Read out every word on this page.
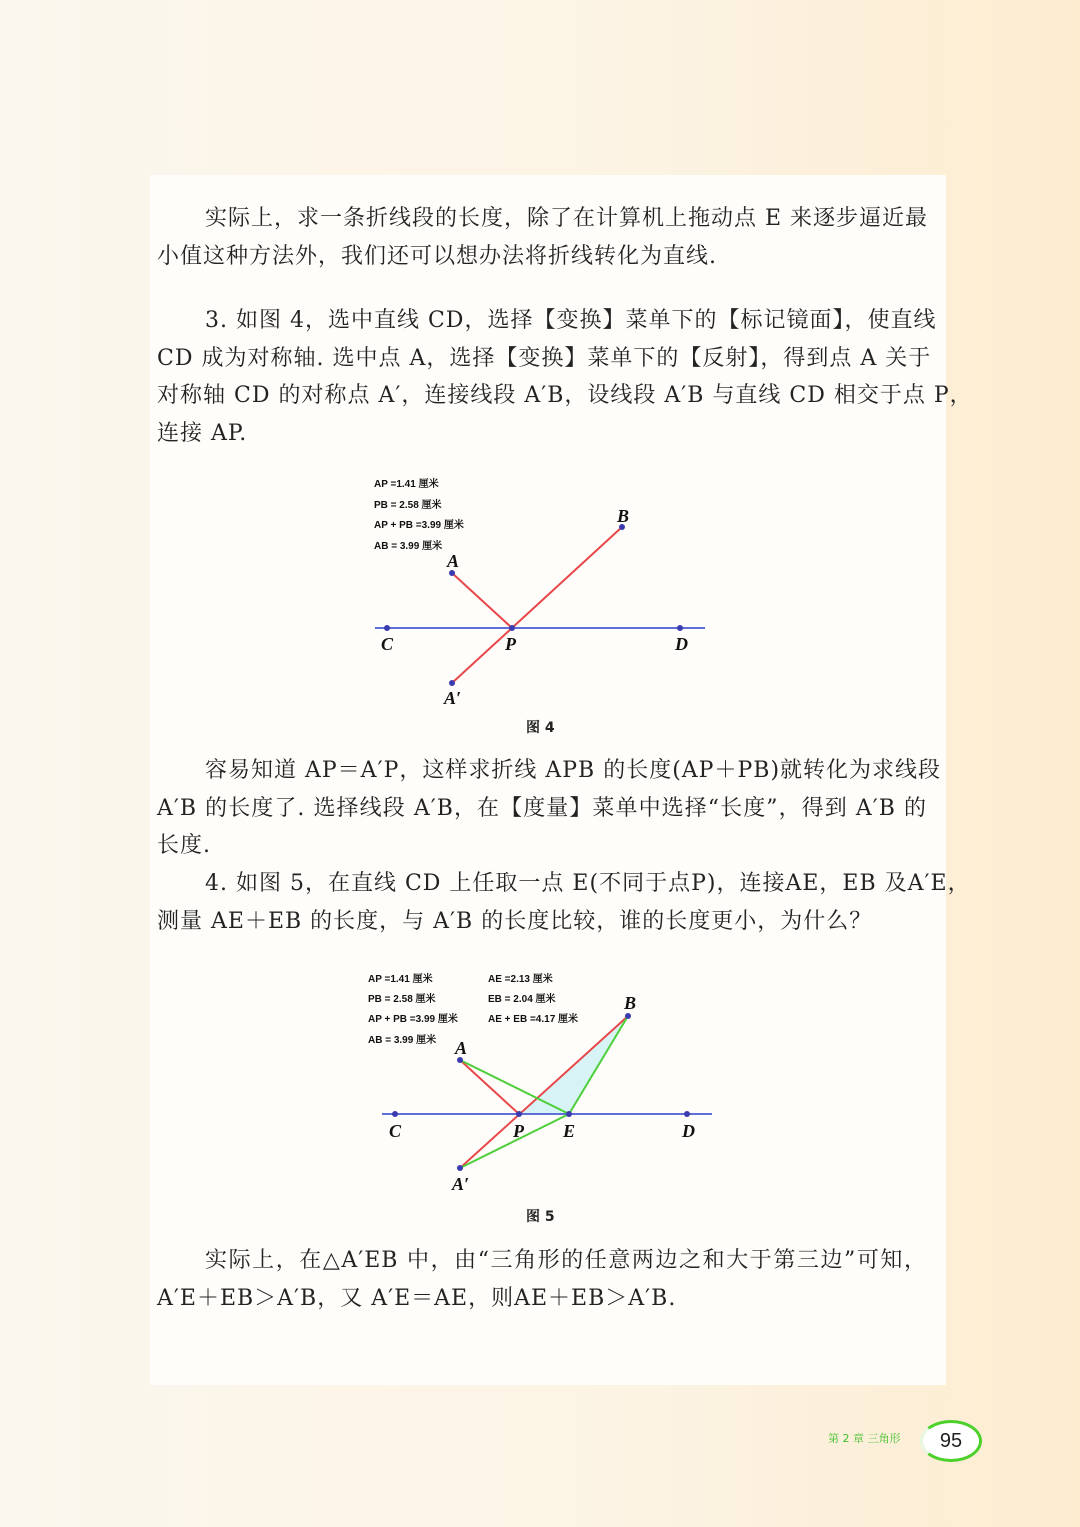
实际上，求一条折线段的长度，除了在计算机上拖动点 E 来逐步逼近最
小值这种方法外，我们还可以想办法将折线转化为直线.
3. 如图 4，选中直线 CD，选择【变换】菜单下的【标记镜面】，使直线
CD 成为对称轴. 选中点 A，选择【变换】菜单下的【反射】，得到点 A 关于
对称轴 CD 的对称点 A′，连接线段 A′B，设线段 A′B 与直线 CD 相交于点 P，
连接 AP.
AP =1.41 厘米
PB = 2.58 厘米
AP + PB =3.99 厘米
AB = 3.99 厘米
A
B
C	D
P
A′
图 4
容易知道 AP＝A′P，这样求折线 APB 的长度(AP＋PB)就转化为求线段
A′B 的长度了. 选择线段 A′B，在【度量】菜单中选择“长度”，得到 A′B 的
长度.
4. 如图 5，在直线 CD 上任取一点 E(不同于点P)，连接AE，EB 及A′E，
测量 AE＋EB 的长度，与 A′B 的长度比较，谁的长度更小，为什么？
AP =1.41 厘米
PB = 2.58 厘米
AP + PB =3.99 厘米
AB = 3.99 厘米
AE =2.13 厘米
EB = 2.04 厘米
AE + EB =4.17 厘米
A
B
C	D
P E
A′
图 5
实际上，在△A′EB 中，由“三角形的任意两边之和大于第三边”可知，
A′E＋EB＞A′B，又 A′E＝AE，则AE＋EB＞A′B.
第 2 章 三角形	95
